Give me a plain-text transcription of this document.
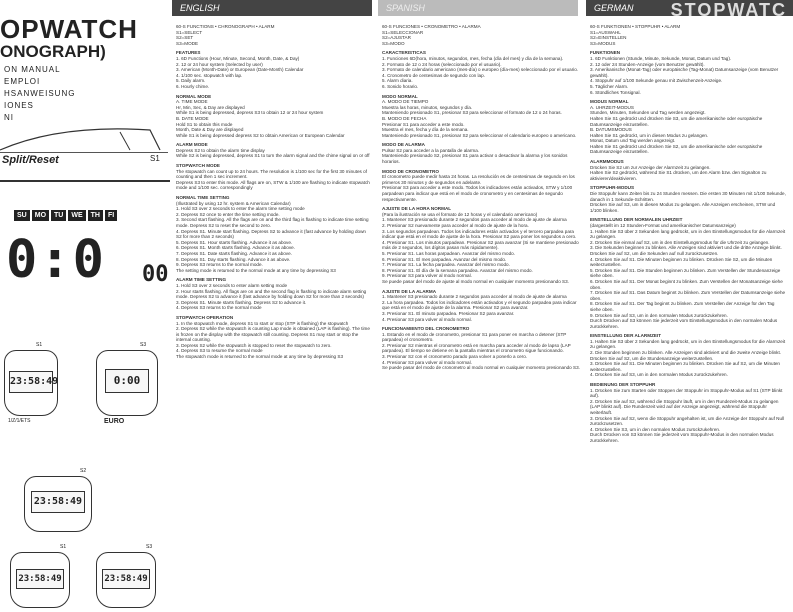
OPWATCH
ONOGRAPH)
ON MANUAL
EMPLOI
HSANWEISUNG
IONES
NI
Split/Reset	S1
SU	MO	TU	WE	TH	FI
0:0 00
23:58:49
S1
1/Z/1/ETS
0:00
S3
EURO
23:58:49
S2
23:58:49
S1
23:58:49
S3
ENGLISH	SPANISH	GERMAN	STOPWATC

60-S FUNCTIONS • CHRONOGRAPH • ALARM

S1=SELECT

S2=SET

S3=MODE

FEATURES

1. 6D Functions (Hour, Minute, Second, Month, Date, & Day)

2. 12 or 24 hour system (Selected by user)

3. American (Month-Date) or European (Date-Month) Calendar

4. 1/100 sec. stopwatch with lap.

5. Daily alarm.

6. Hourly chime.

NORMAL MODE

A. TIME MODE

Hr, Min, Sec, & Day are displayed

While S1 is being depressed, depress S3 to obtain 12 or 24 hour system

B. DATE MODE

Hold S1 to obtain this mode

Month, Date & Day are displayed

While S1 is being depressed depress S2 to obtain American or European Calendar

ALARM MODE

Depress S2 to obtain the alarm time display

While S2 is being depressed, depress S1 to turn the alarm signal and the chime signal on or off

STOPWATCH MODE

The stopwatch can count up to 24 hours. The resolution is 1/100 sec for the first 30 minutes of counting and then 1 sec increment.

Depress S3 to enter this mode. All flags are on, STW & 1/100 are flashing to indicate stopwatch mode and 1/100 sec. correspondingly

NORMAL TIME SETTING

(Illustrated by using 12 hr. system & American Calendar)

1. Hold S3 over 2 seconds to enter the alarm time setting mode

2. Depress S2 once to enter the time setting mode.

3. Second start flashing. All the flags are on and the third flag is flashing to indicate time setting mode. Depress S2 to reset the second to zero.

4. Depress S1. Minute start flashing. Depress S2 to advance it (fast advance by holding down S2 for more than 2 seconds)

5. Depress S1. Hour starts flashing. Advance it as above.

6. Depress S1. Month starts flashing. Advance it as above.

7. Depress S1. Date starts flashing. Advance it as above.

8. Depress S1. Day starts flashing. Advance it as above.

9. Depress S3 returns to the normal mode.

The setting mode is returned to the normal mode at any time by depressing S3

ALARM TIME SETTING

1. Hold S3 over 2 seconds to enter alarm setting mode

2. Hour starts flashing. All flags are on and the second flag is flashing to indicate alarm setting mode. Depress S2 to advance it (fast advance by holding down S2 for more than 2 seconds)

3. Depress S1. Minute starts flashing. Depress S2 to advance it.

4. Depress S3 returns to the normal mode

STOPWATCH OPERATION

1. In the stopwatch mode, depress S1 to start or stop (STP is flashing) the stopwatch

2. Depress S2 while the stopwatch is counting Lap mode is obtained (LAP is flashing). The time is frozen on the display with the stopwatch still counting. Depress S1 may start or stop the internal counting.

3. Depress S2 while the stopwatch is stopped to reset the stopwatch to zero.

4. Depress S3 to resume the normal mode

The stopwatch mode is returned to the normal mode at any time by depressing S3

60-S FUNCIONES • CRONOMETRO • ALARMA

S1=SELECCIONAR

S2=AJUSTAR

S3=MODO

CARACTERISTICAS

1. Funciones 6D(hora, minutos, segundos, mes, fecha (día del mes) y día de la semana).

2. Formato de 12 o 24 horas (seleccionado por el usuario).

3. Formato de calendario americano (mes-día) o europeo (día-mes) seleccionado por el usuario.

4. Cronometro de centesimas de segundo con lap.

5. Alarm diaria.

6. Sonido horario.

MODO NORMAL

A. MODO DE TIEMPO

Muestra las horas, minutos, segundos y día.

Manteniendo presionado S1, presionar S3 para seleccionar el formato de 12 o 24 horas.

B. MODO DE FECHA

Presionar S1 para acceder a este modo.

Muestra el mes, fecha y día de la semana.

Manteniendo presionado S1, presionar S2 para seleccionar el calendario europeo o americano.

MODO DE ALARMA

Pulsar S2 para acceder a la pantalla de alarma.

Manteniendo presionado S2, presionar S1 para activar o desactivar la alarma y los sonidos horarios.

MODO DE CRONOMETRO

El cronometro puede medir hasta 24 horas. La resolución es de centesimas de segundo en los primeros 30 minutos y de segundos en adelante.

Presionar S3 para acceder a este modo. Todos los indicadores están activados, STW y 1/100 parpadean para indicar que está en el modo de cronometro y en centesimas de segundo respectivamente.

AJUSTE DE LA HORA NORMAL

(Para la ilustración se usa el formato de 12 horas y el calendario americano)

1. Mantener S3 presionado durante 2 segundos para acceder al modo de ajuste de alarma

2. Presionar S2 nuevamente para acceder al modo de ajuste de la hora.

3. Los segundos parpadean. Todos los indicadores están activados y el tercero parpadea para indicar que está en el modo de ajuste de la hora. Presionar S2 para poner los segundos a cero.

4. Presionar S1. Los minutos parpadean. Presionar S2 para avanzar (Si se mantiene presionado más de 2 segundos, los dígitos pasan más rápidamente).

5. Presionar S1. Las horas parpadean. Avanzar del mismo modo.

6. Presionar S1. El mes parpadea. Avanzar del mismo modo.

7. Presionar S1. La fecha parpadea. Avanzar del mismo modo.

8. Presionar S1. El día de la semana parpadea. Avanzar del mismo modo.

9. Presionar S3 para volver al modo normal.

Se puede pasar del modo de ajuste al modo normal en cualquier momento presionando S3.

AJUSTE DE LA ALARMA

1. Mantener S3 presionado durante 2 segundos para acceder al modo de ajuste de alarma

2. La hora parpadea. Todos los indicadores están activados y el segundo parpadea para indicar que está en el modo de ajuste de la alarma. Presionar S2 para avanzar.

3. Presionar S1. El minuto parpadea. Presionar S2 para avanzar.

4. Presionar S3 para volver al modo normal.

FUNCIONAMIENTO DEL CRONOMETRO

1. Estando en el modo de cronometro, presionar S1 para poner en marcha o detener (STP parpadea) el cronometro.

2. Presionar S2 mientras el cronometro está en marcha para acceder al modo de lapso (LAP parpadea). El tiempo se detiene en la pantalla mientras el cronometro sigue funcionando.

3. Presionar S2 con el cronometro parado para volver a ponerlo a cero.

4. Presionar S3 para volver al modo normal.

Se puede pasar del modo de cronometro al modo normal en cualquier momento presionando S3.

60-S FUNKTIONEN • STOPPUHR • ALARM

S1=AUSWAHL

S2=EINSTELLEN

S3=MODUS

FUNKTIONEN

1. 6D Funktionen (Stunde, Minute, Sekunde, Monat, Datum und Tag).

2. 12 oder 24 Stunden-Anzeige (vom Benutzer gewählt).

3. Amerikanische (Monat-Tag) oder europäische (Tag-Monat) Datumsanzeige (vom Benutzer gewählt).

4. Stoppuhr auf 1/100 Sekunde genau mit Zwischenzeit-Anzeige.

5. Täglicher Alarm.

6. Stündliches Tonsignal.

MODUS NORMAL

A. UHRZEIT-MODUS

Stunden, Minuten, Sekunden und Tag werden angezeigt.

Halten Sie S1 gedrückt und drücken Sie S3, um die amerikanische oder europäische Datumsanzeige einzustellen.

B. DATUMSMODUS

Halten Sie S1 gedrückt, um in diesen Modus zu gelangen.

Monat, Datum und Tag werden angezeigt.

Halten Sie S1 gedrückt und drücken Sie S2, um die amerikanische oder europäische Datumsanzeige einzustellen.

ALARMMODUS

Drücken Sie S2 um zur Anzeige der Alarmzeit zu gelangen.

Halten Sie S2 gedrückt, während Sie S1 drücken, um den Alarm bzw. den Signalton zu aktivieren/deaktivieren.

STOPPUHR-MODUS

Die Stoppuhr kann Zeiten bis zu 24 Stunden messen. Die ersten 30 Minuten mit 1/100 Sekunde, danach in 1 Sekunde-Schritten.

Drücken Sie auf S3, um in diesen Modus zu gelangen. Alle Anzeigen erscheinen, STW und 1/100 blinken.

EINSTELLUNG DER NORMALEN UHRZEIT

(dargestellt im 12 Stunden-Format und amerikanischer Datumsanzeige)

1. Halten Sie S3 über 2 Sekunden lang gedrückt, um in den Einstellungsmodus für die Alarmzeit zu gelangen.

2. Drücken Sie einmal auf S2, um in den Einstellungsmodus für die Uhrzeit zu gelangen.

3. Die Sekunden beginnen zu blinken. Alle Anzeigen sind aktiviert und die dritte Anzeige blinkt. Drücken Sie auf S2, um die Sekunden auf null zurückzusetzen.

4. Drücken Sie auf S1. Die Minuten beginnen zu blinken. Drücken Sie S2, um die Minuten weiterzustellen.

5. Drücken Sie auf S1. Die Stunden beginnen zu blinken. Zum Verstellen der Stundenanzeige siehe oben.

6. Drücken Sie auf S1. Der Monat beginnt zu blinken. Zum Verstellen der Monatsanzeige siehe oben.

7. Drücken Sie auf S1. Das Datum beginnt zu blinken. Zum Verstellen der Datumsanzeige siehe oben.

8. Drücken Sie auf S1. Der Tag beginnt zu blinken. Zum Verstellen der Anzeige für den Tag siehe oben.

9. Drücken Sie auf S3, um in den normalen Modus zurückzukehren.

Durch Drücken auf S3 können Sie jederzeit vom Einstellungsmodus in den normalen Modus zurückkehren.

EINSTELLUNG DER ALARMZEIT

1. Halten Sie S3 über 2 Sekunden lang gedrückt, um in den Einstellungsmodus für die Alarmzeit zu gelangen.

2. Die Stunden beginnen zu blinken. Alle Anzeigen sind aktiviert und die zweite Anzeige blinkt. Drücken Sie auf S2, um die Stundenanzeige weiterzustellen.

3. Drücken Sie auf S1. Die Minuten beginnen zu blinken. Drücken Sie auf S2, um die Minuten weiterzustellen.

4. Drücken Sie auf S3, um in den normalen Modus zurückzukehren.

BEDIENUNG DER STOPPUHR

1. Drücken Sie zum Starten oder Stoppen der Stoppuhr im Stoppuhr-Modus auf S1 (STP blinkt auf).

2. Drücken Sie auf S2, während die Stoppuhr läuft, um in den Rundezeit-Modus zu gelangen (LAP blinkt auf). Die Rundenzeit wird auf der Anzeige angezeigt, während die Stoppuhr weiterläuft.

3. Drücken Sie auf S2, wenn die Stoppuhr angehalten ist, um die Anzeige der Stoppuhr auf Null zurückzusetzen.

4. Drücken Sie S3, um in den normalen Modus zurückzukehren.

Durch Drücken von S3 können Sie jederzeit vom Stoppuhr-Modus in den normalen Modus zurückkehren.
